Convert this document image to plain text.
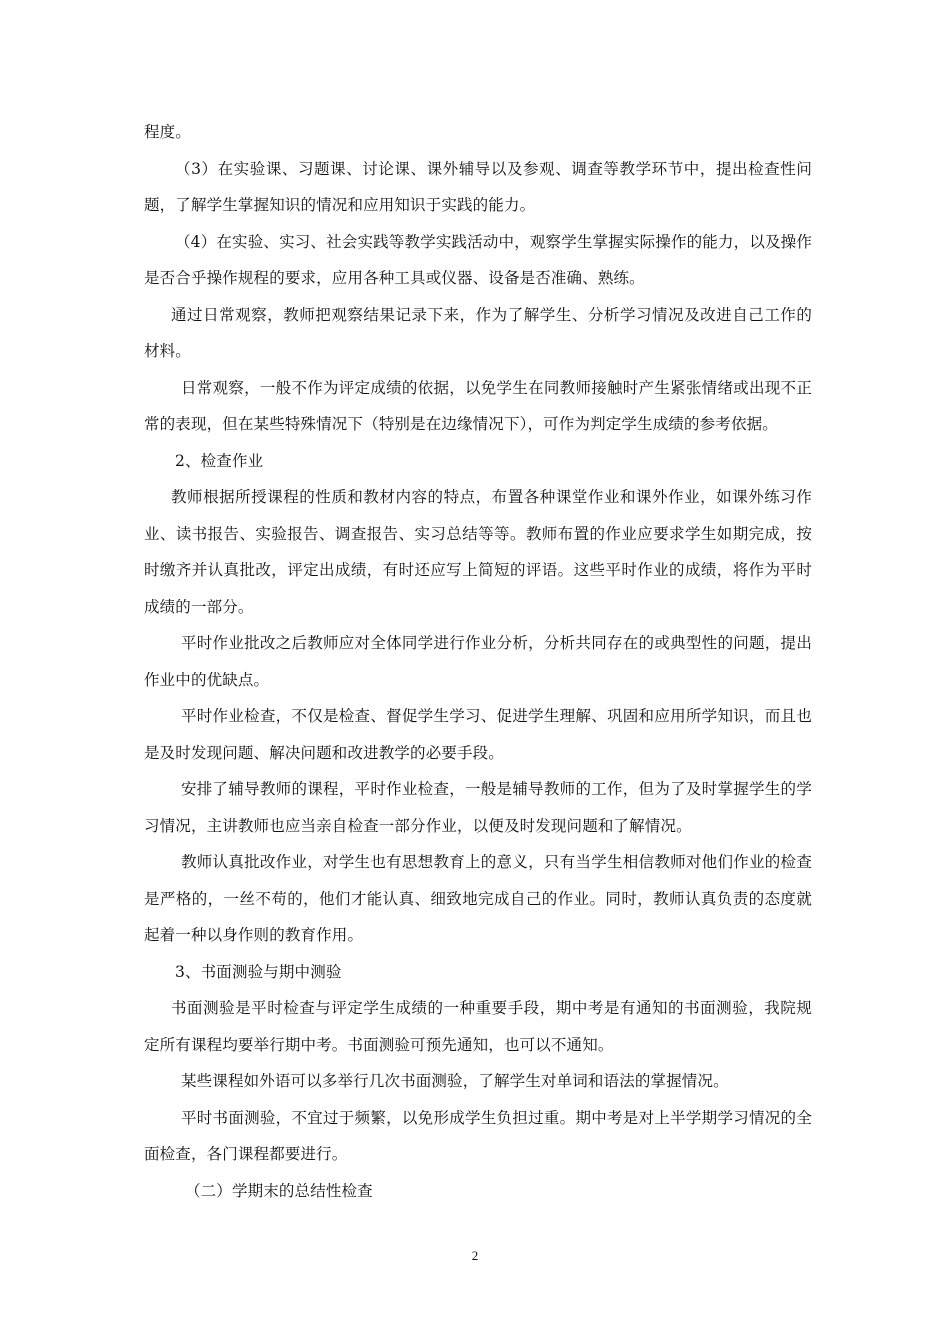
程度。

（3）在实验课、习题课、讨论课、课外辅导以及参观、调查等教学环节中，提出检查性问题，了解学生掌握知识的情况和应用知识于实践的能力。

（4）在实验、实习、社会实践等教学实践活动中，观察学生掌握实际操作的能力，以及操作是否合乎操作规程的要求，应用各种工具或仪器、设备是否准确、熟练。

通过日常观察，教师把观察结果记录下来，作为了解学生、分析学习情况及改进自己工作的材料。

日常观察，一般不作为评定成绩的依据，以免学生在同教师接触时产生紧张情绪或出现不正常的表现，但在某些特殊情况下（特别是在边缘情况下），可作为判定学生成绩的参考依据。

2、检查作业

教师根据所授课程的性质和教材内容的特点，布置各种课堂作业和课外作业，如课外练习作业、读书报告、实验报告、调查报告、实习总结等等。教师布置的作业应要求学生如期完成，按时缴齐并认真批改，评定出成绩，有时还应写上简短的评语。这些平时作业的成绩，将作为平时成绩的一部分。

平时作业批改之后教师应对全体同学进行作业分析，分析共同存在的或典型性的问题，提出作业中的优缺点。

平时作业检查，不仅是检查、督促学生学习、促进学生理解、巩固和应用所学知识，而且也是及时发现问题、解决问题和改进教学的必要手段。

安排了辅导教师的课程，平时作业检查，一般是辅导教师的工作，但为了及时掌握学生的学习情况，主讲教师也应当亲自检查一部分作业，以便及时发现问题和了解情况。

教师认真批改作业，对学生也有思想教育上的意义，只有当学生相信教师对他们作业的检查是严格的，一丝不苟的，他们才能认真、细致地完成自己的作业。同时，教师认真负责的态度就起着一种以身作则的教育作用。

3、书面测验与期中测验

书面测验是平时检查与评定学生成绩的一种重要手段，期中考是有通知的书面测验，我院规定所有课程均要举行期中考。书面测验可预先通知，也可以不通知。

某些课程如外语可以多举行几次书面测验，了解学生对单词和语法的掌握情况。

平时书面测验，不宜过于频繁，以免形成学生负担过重。期中考是对上半学期学习情况的全面检查，各门课程都要进行。

（二）学期末的总结性检查

2
